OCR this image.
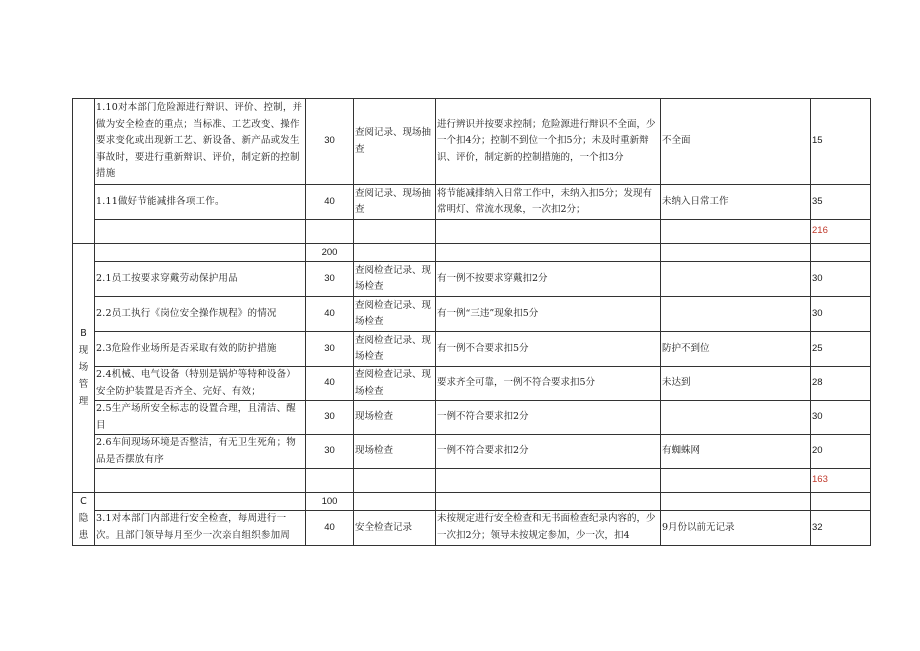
	1.10对本部门危险源进行辩识、评价、控制，并做为安全检查的重点；当标准、工艺改变、操作要求变化或出现新工艺、新设备、新产品或发生事故时，要进行重新辩识、评价，制定新的控制措施	30	查阅记录、现场抽查	进行辨识并按要求控制；危险源进行辩识不全面，少一个扣4分；控制不到位一个扣5分；未及时重新辩识、评价，制定新的控制措施的，一个扣3分	不全面	15
	1.11做好节能减排各项工作。	40	查阅记录、现场抽查	将节能减排纳入日常工作中，未纳入扣5分；发现有常明灯、常流水现象，一次扣2分；	未纳入日常工作	35
						216
B现场管理		200				
	2.1员工按要求穿戴劳动保护用品	30	查阅检查记录、现场检查	有一例不按要求穿戴扣2分		30
	2.2员工执行《岗位安全操作规程》的情况	40	查阅检查记录、现场检查	有一例“三违”现象扣5分		30
	2.3危险作业场所是否采取有效的防护措施	30	查阅检查记录、现场检查	有一例不合要求扣5分	防护不到位	25
	2.4机械、电气设备（特别是锅炉等特种设备）安全防护装置是否齐全、完好、有效；	40	查阅检查记录、现场检查	要求齐全可靠，一例不符合要求扣5分	未达到	28
	2.5生产场所安全标志的设置合理，且清洁、醒目	30	现场检查	一例不符合要求扣2分		30
	2.6车间现场环境是否整洁，有无卫生死角；物品是否摆放有序	30	现场检查	一例不符合要求扣2分	有蜘蛛网	20
						163
C隐患		100				
	3.1对本部门内部进行安全检查，每周进行一次。且部门领导每月至少一次亲自组织参加周	40	安全检查记录	未按规定进行安全检查和无书面检查纪录内容的，少一次扣2分；领导未按规定参加，少一次，扣4	9月份以前无记录	32
